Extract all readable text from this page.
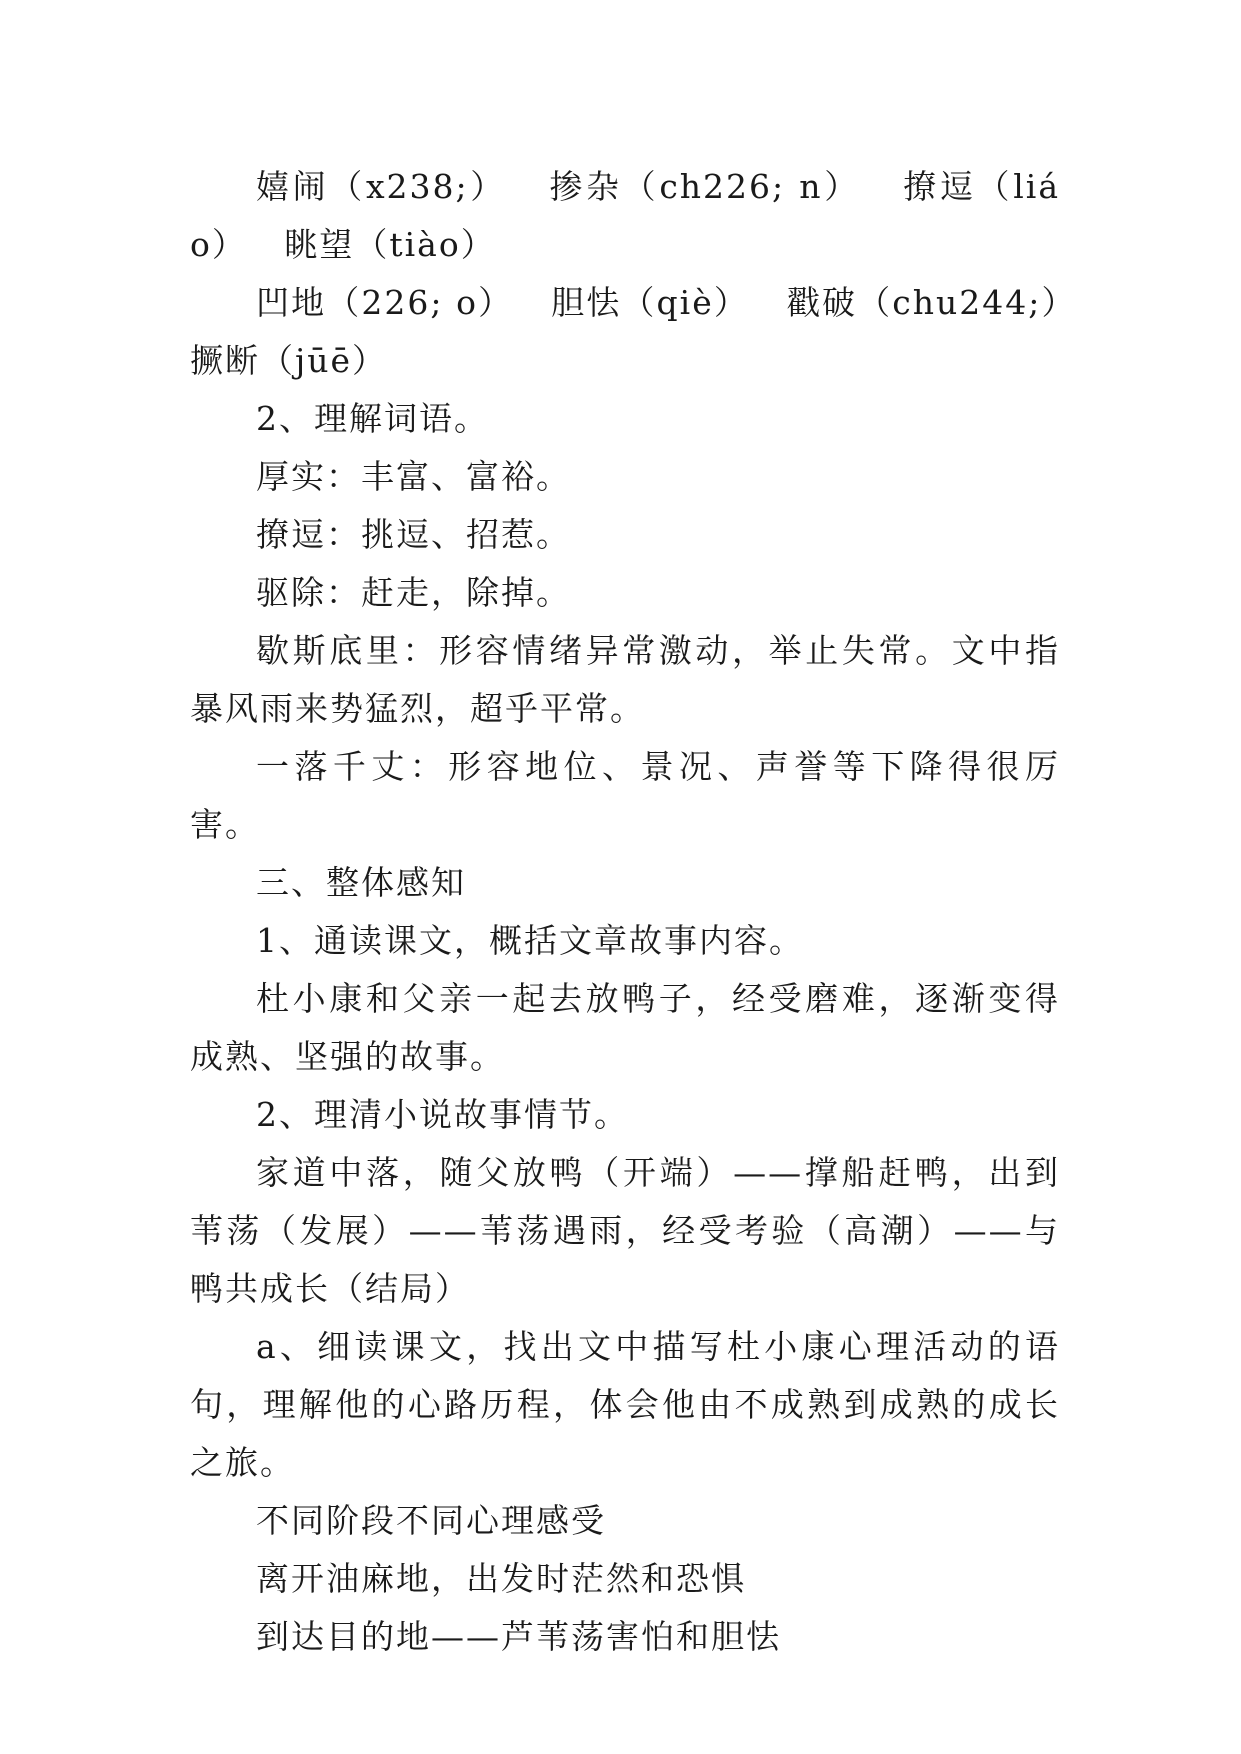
嬉闹（x238;）   掺杂（ch226; n）   撩逗（liáo）   眺望（tiào）

凹地（226; o）   胆怯（qiè）   戳破（chu244;）撅断（jūē）

2、理解词语。

厚实：丰富、富裕。

撩逗：挑逗、招惹。

驱除：赶走，除掉。

歇斯底里：形容情绪异常激动，举止失常。文中指暴风雨来势猛烈，超乎平常。

一落千丈：形容地位、景况、声誉等下降得很厉害。

三、整体感知

1、通读课文，概括文章故事内容。

杜小康和父亲一起去放鸭子，经受磨难，逐渐变得成熟、坚强的故事。

2、理清小说故事情节。

家道中落，随父放鸭（开端）——撑船赶鸭，出到苇荡（发展）——苇荡遇雨，经受考验（高潮）——与鸭共成长（结局）

a、细读课文，找出文中描写杜小康心理活动的语句，理解他的心路历程，体会他由不成熟到成熟的成长之旅。

不同阶段不同心理感受

离开油麻地，出发时茫然和恐惧

到达目的地——芦苇荡害怕和胆怯
